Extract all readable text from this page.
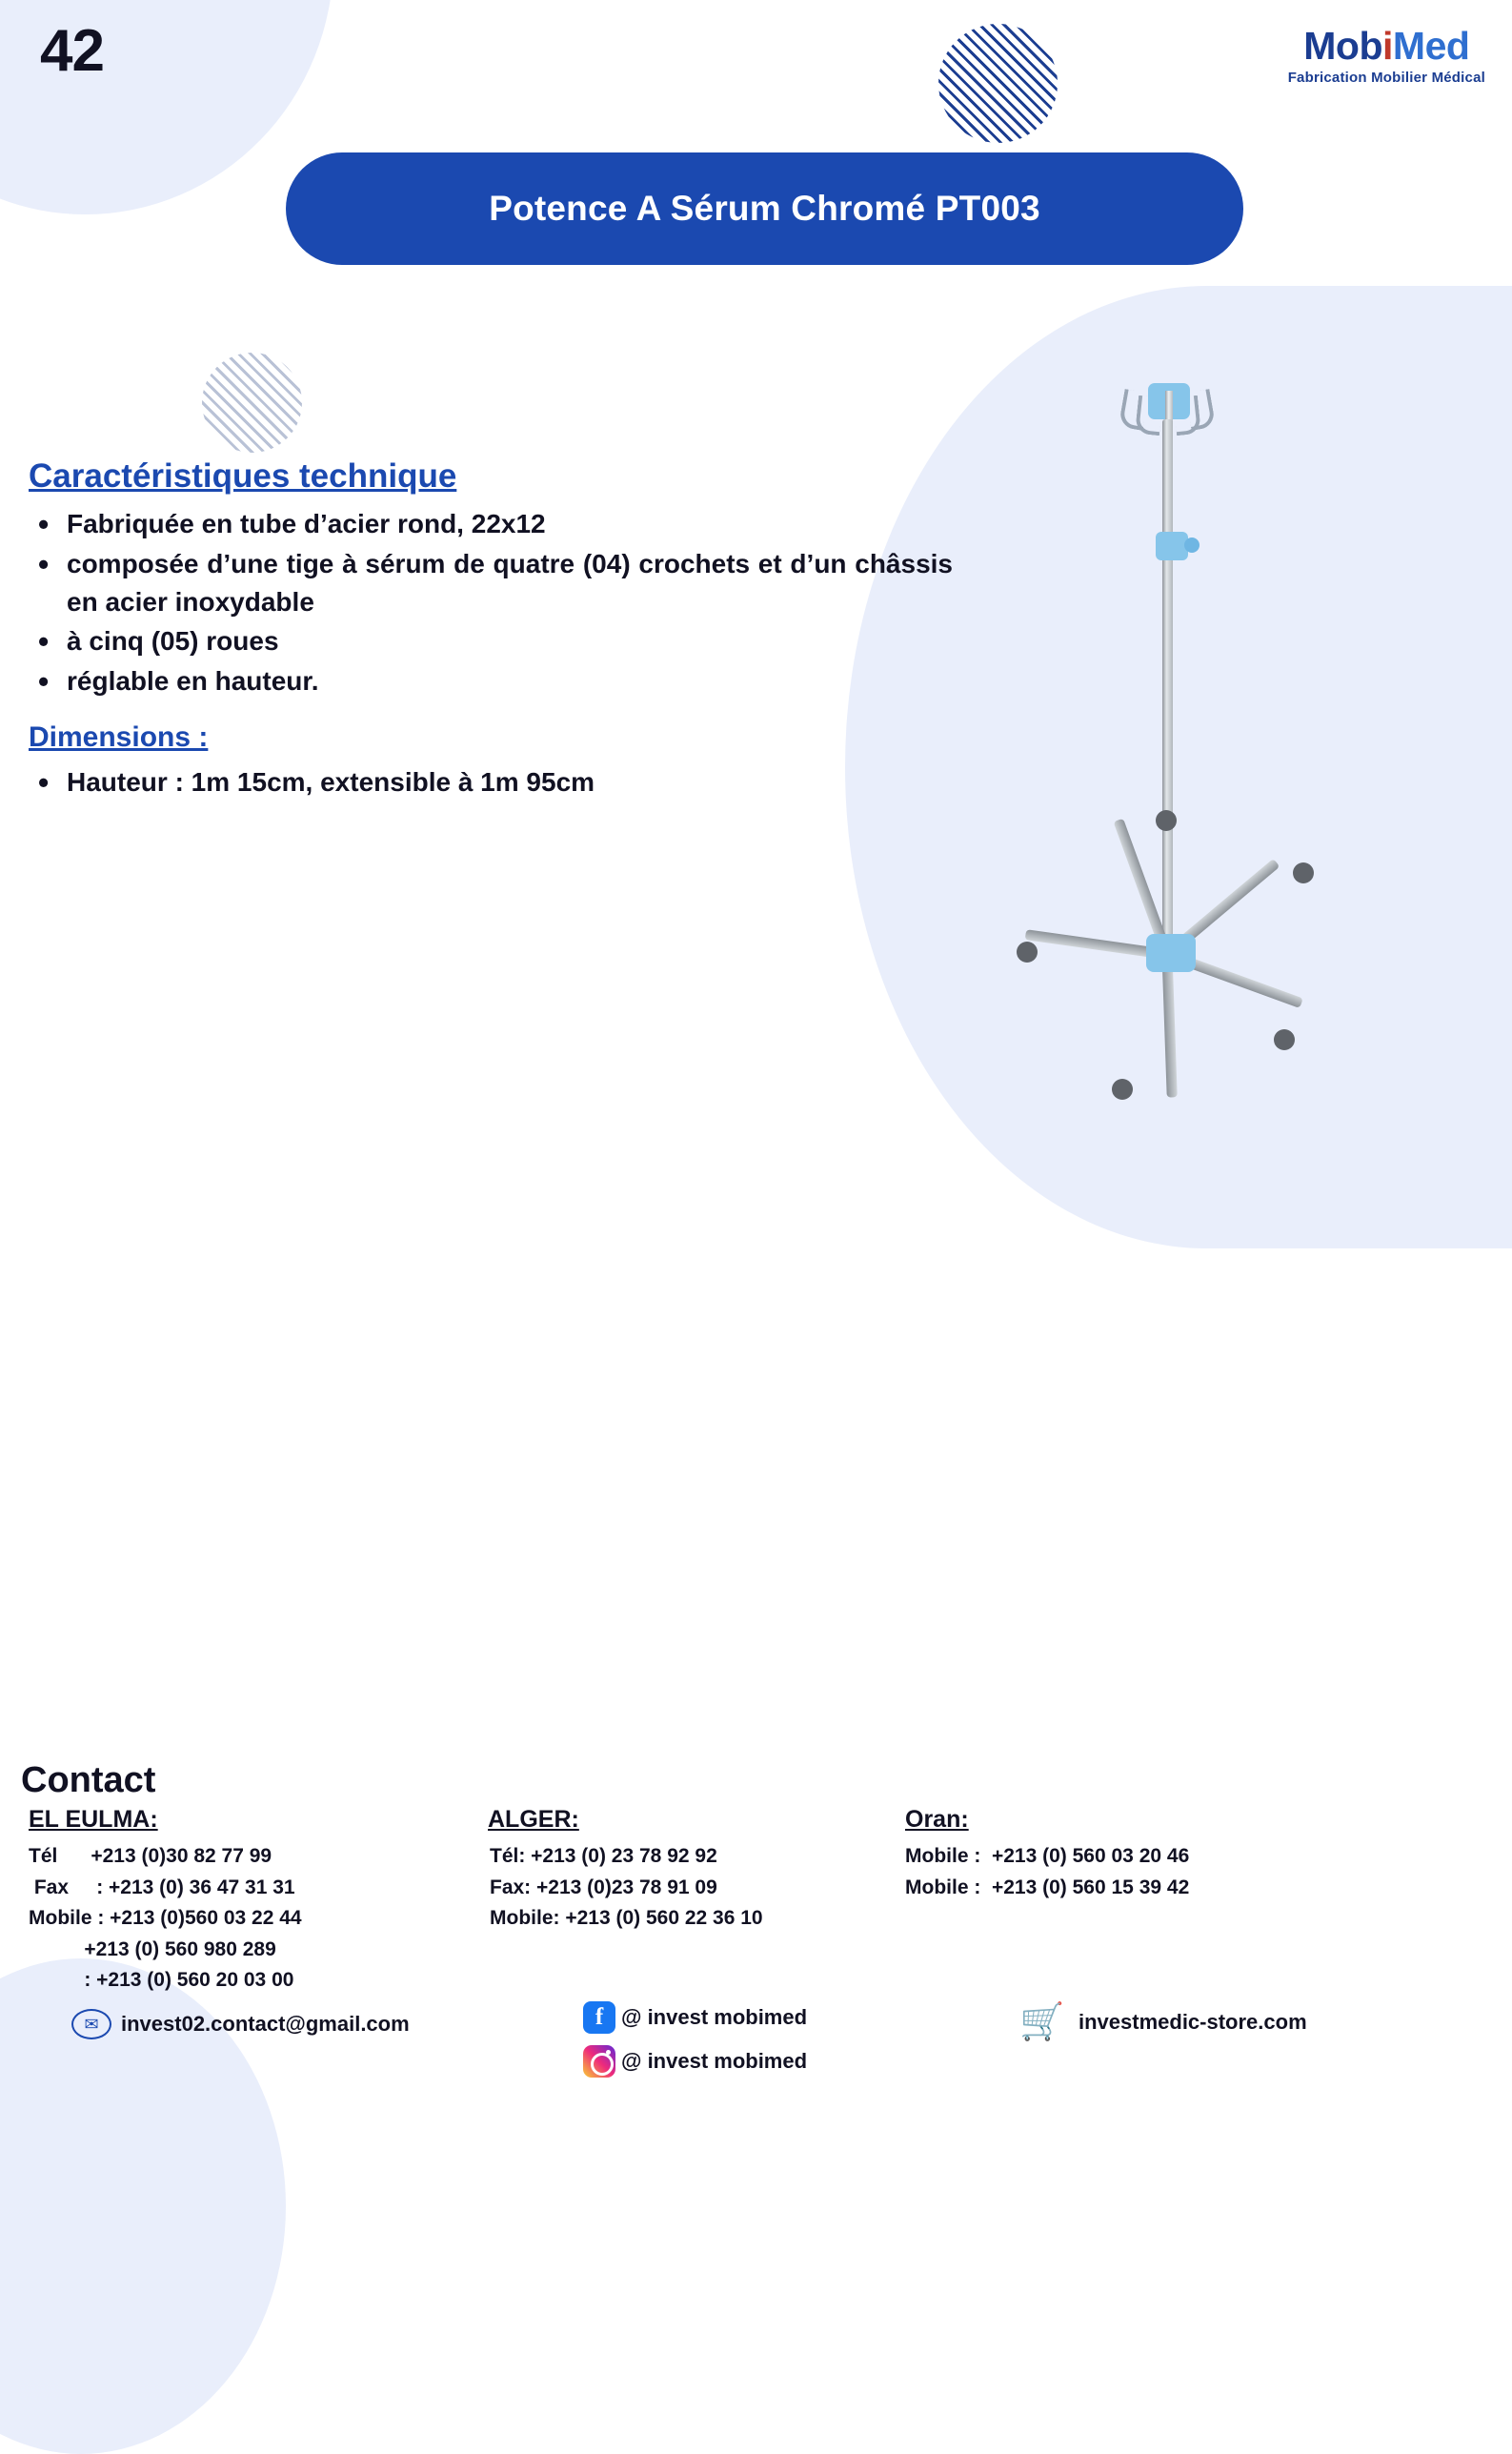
42	MobiMed
Fabrication Mobilier Médical
Potence A Sérum Chromé PT003
Caractéristiques technique
• Fabriquée en tube d’acier rond, 22x12
• composée d’une tige à sérum de quatre (04) crochets et d’un châssis en acier inoxydable
• à cinq (05) roues
• réglable en hauteur.
Dimensions :
• Hauteur : 1m 15cm, extensible à 1m 95cm
Contact
EL EULMA:
Tél      +213 (0)30 82 77 99
Fax     : +213 (0) 36 47 31 31
Mobile : +213 (0)560 03 22 44
+213 (0) 560 980 289
: +213 (0) 560 20 03 00
ALGER:
Tél: +213 (0) 23 78 92 92
Fax: +213 (0)23 78 91 09
Mobile: +213 (0) 560 22 36 10
Oran:
Mobile :  +213 (0) 560 03 20 46
Mobile :  +213 (0) 560 15 39 42
✉	invest02.contact@gmail.com	f @ invest mobimed
@ invest mobimed
🛒 investmedic-store.com
